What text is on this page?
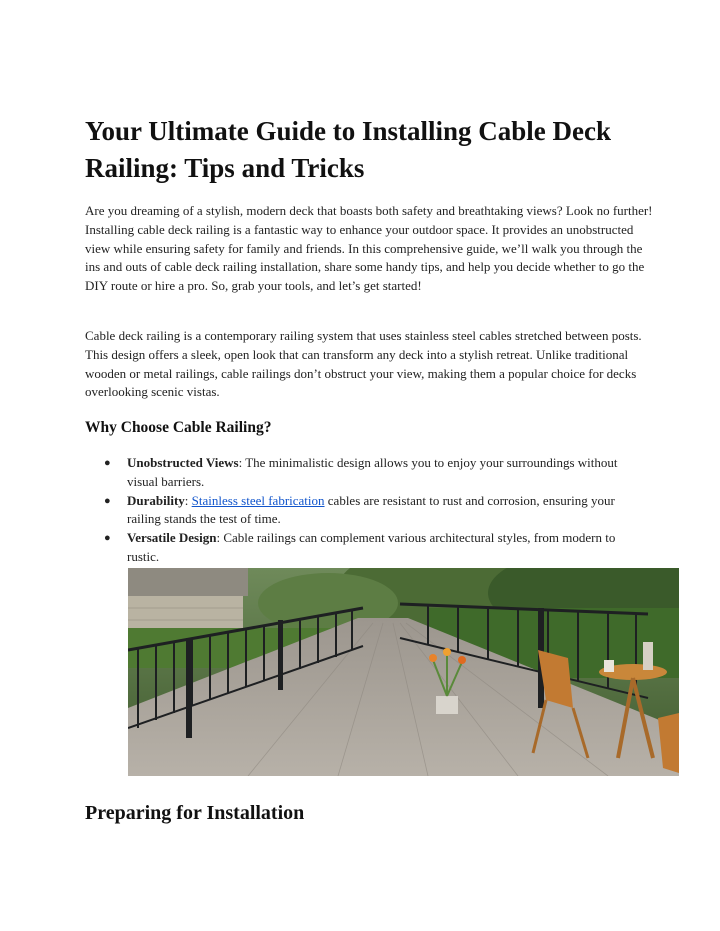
Your Ultimate Guide to Installing Cable Deck Railing: Tips and Tricks

Are you dreaming of a stylish, modern deck that boasts both safety and breathtaking views? Look no further! Installing cable deck railing is a fantastic way to enhance your outdoor space. It provides an unobstructed view while ensuring safety for family and friends. In this comprehensive guide, we’ll walk you through the ins and outs of cable deck railing installation, share some handy tips, and help you decide whether to go the DIY route or hire a pro. So, grab your tools, and let’s get started!

Cable deck railing is a contemporary railing system that uses stainless steel cables stretched between posts. This design offers a sleek, open look that can transform any deck into a stylish retreat. Unlike traditional wooden or metal railings, cable railings don’t obstruct your view, making them a popular choice for decks overlooking scenic vistas.

Why Choose Cable Railing?
● Unobstructed Views: The minimalistic design allows you to enjoy your surroundings without visual barriers.
● Durability: Stainless steel fabrication cables are resistant to rust and corrosion, ensuring your railing stands the test of time.
● Versatile Design: Cable railings can complement various architectural styles, from modern to rustic.
Preparing for Installation
